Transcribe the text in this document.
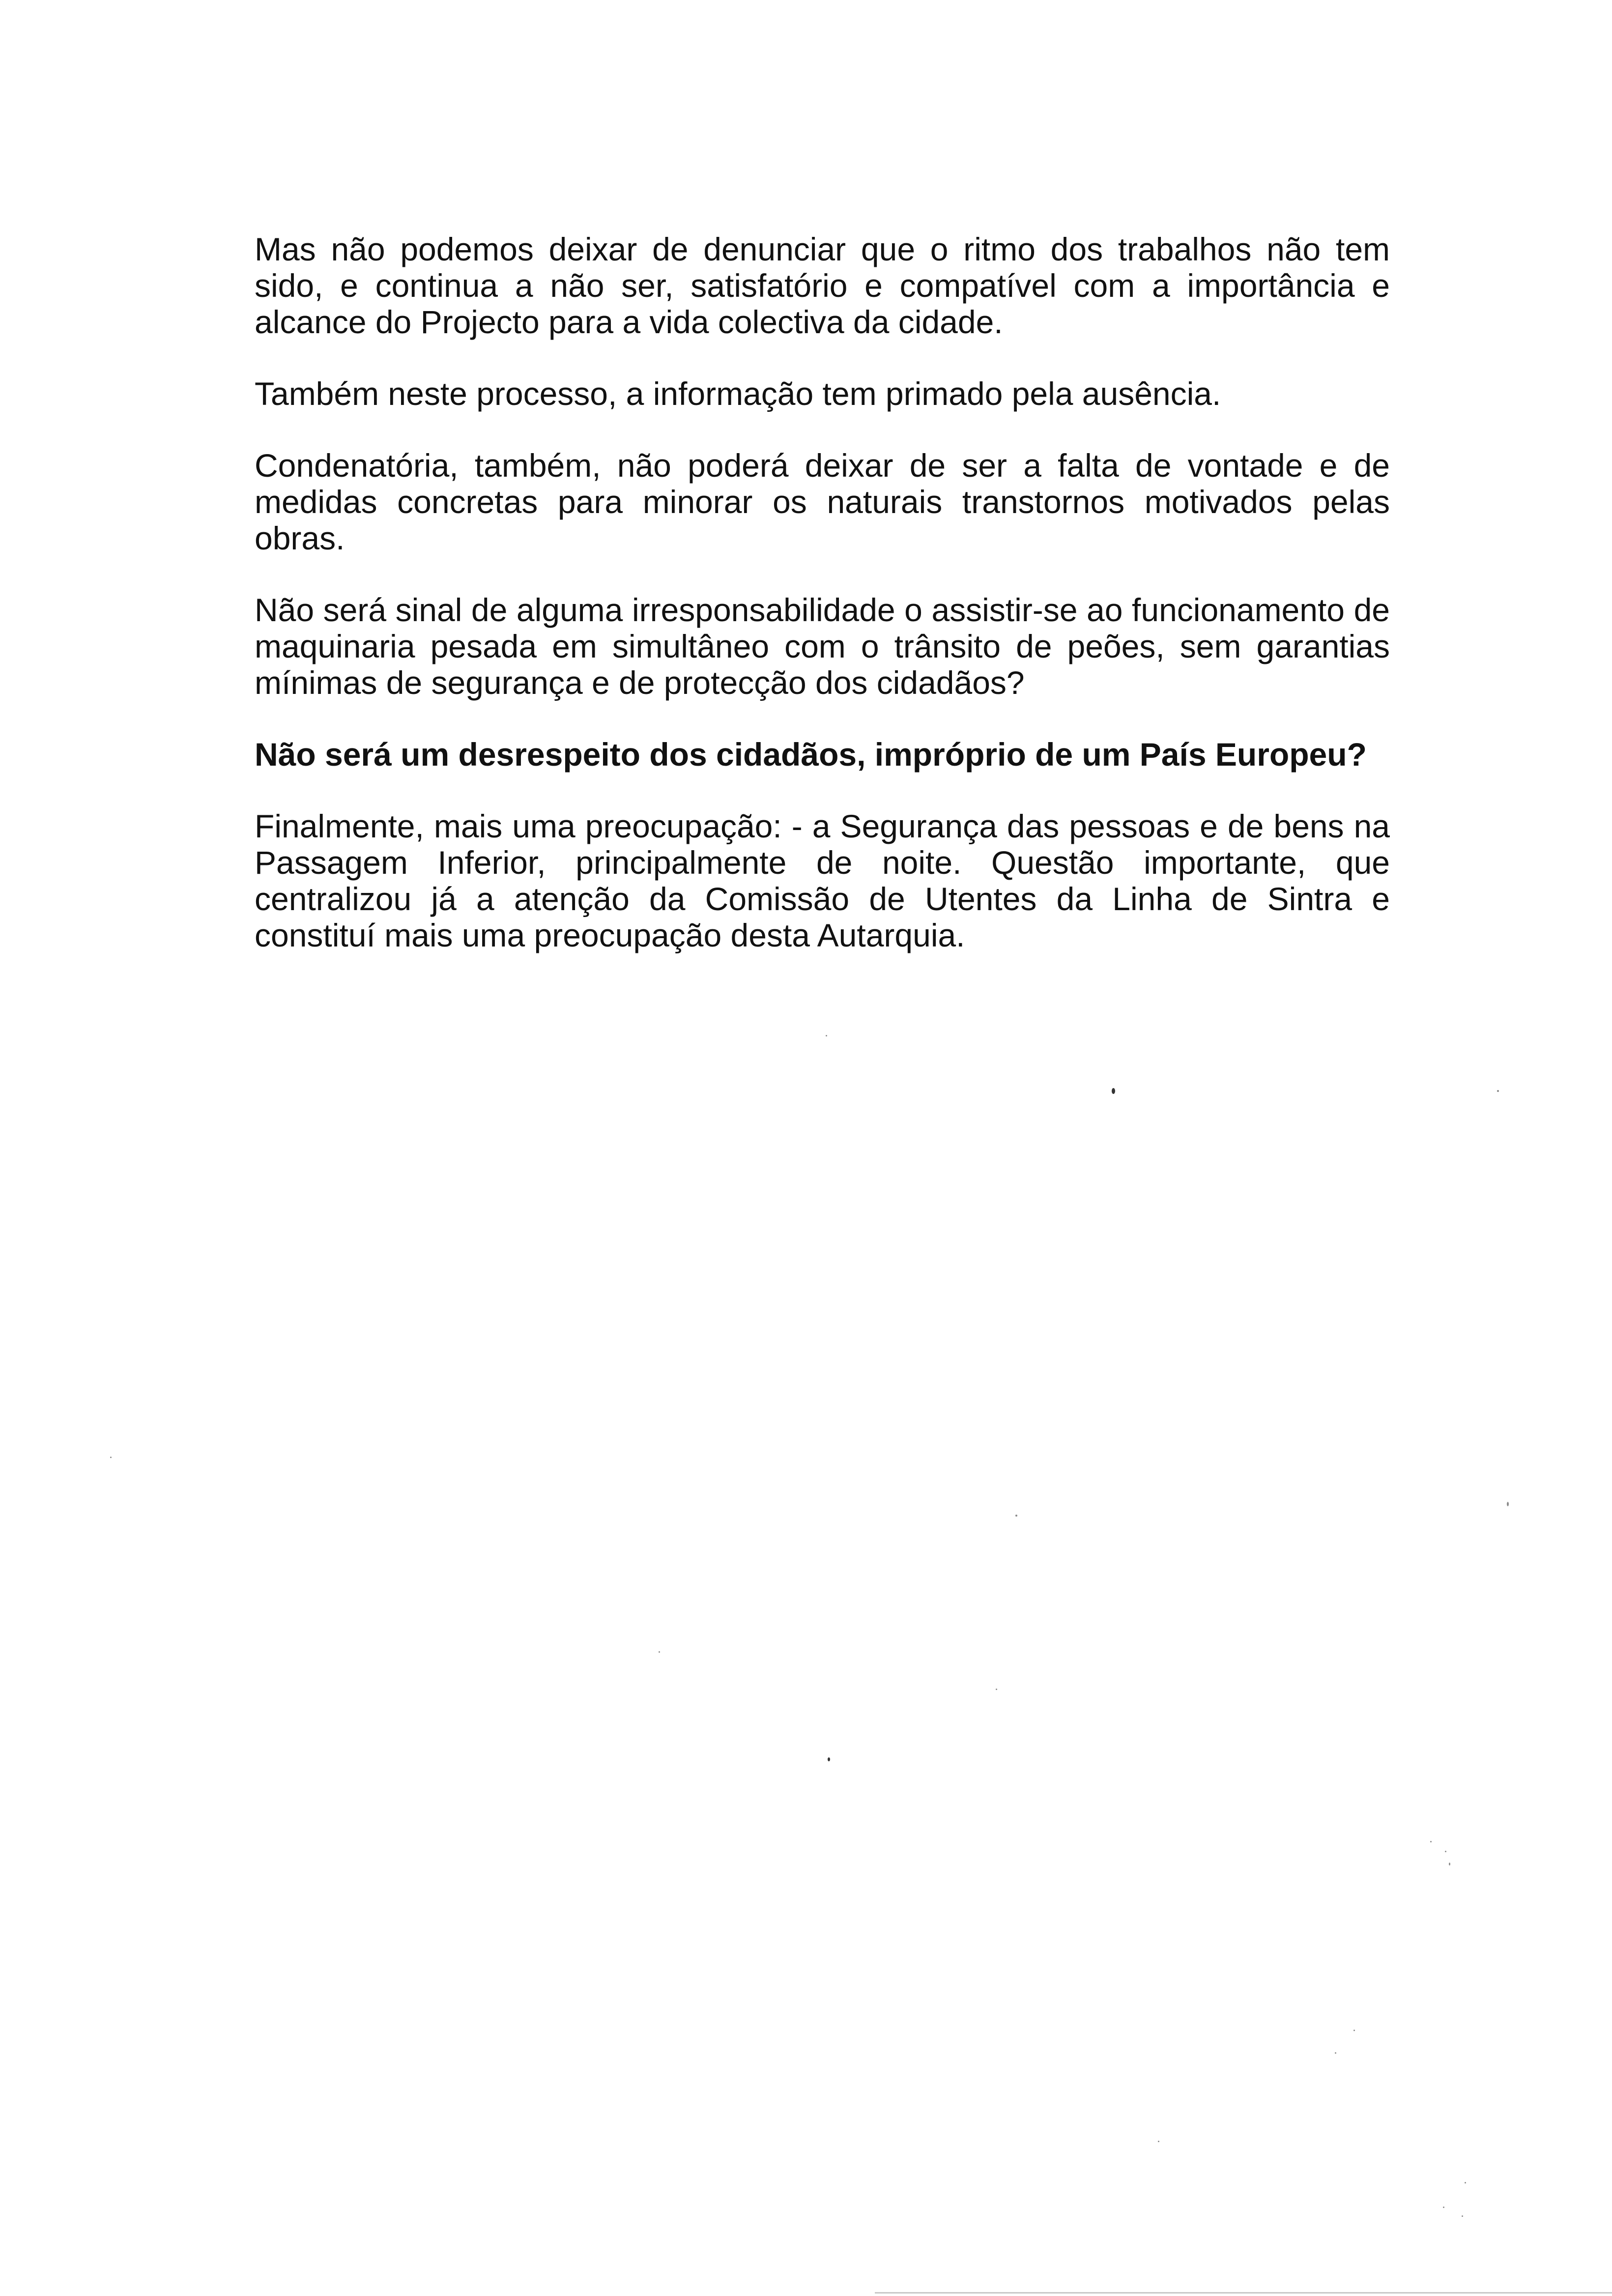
Mas não podemos deixar de denunciar que o ritmo dos trabalhos não tem sido, e continua a não ser, satisfatório e compatível com a importância e alcance do Projecto para a vida colectiva da cidade.

Também neste processo, a informação tem primado pela ausência.

Condenatória, também, não poderá deixar de ser a falta de vontade e de medidas concretas para minorar os naturais transtornos motivados pelas obras.

Não será sinal de alguma irresponsabilidade o assistir-se ao funcionamento de maquinaria pesada em simultâneo com o trânsito de peões, sem garantias mínimas de segurança e de protecção dos cidadãos?

Não será um desrespeito dos cidadãos, impróprio de um País Europeu?

Finalmente, mais uma preocupação: - a Segurança das pessoas e de bens na Passagem Inferior, principalmente de noite. Questão importante, que centralizou já a atenção da Comissão de Utentes da Linha de Sintra e constituí mais uma preocupação desta Autarquia.
